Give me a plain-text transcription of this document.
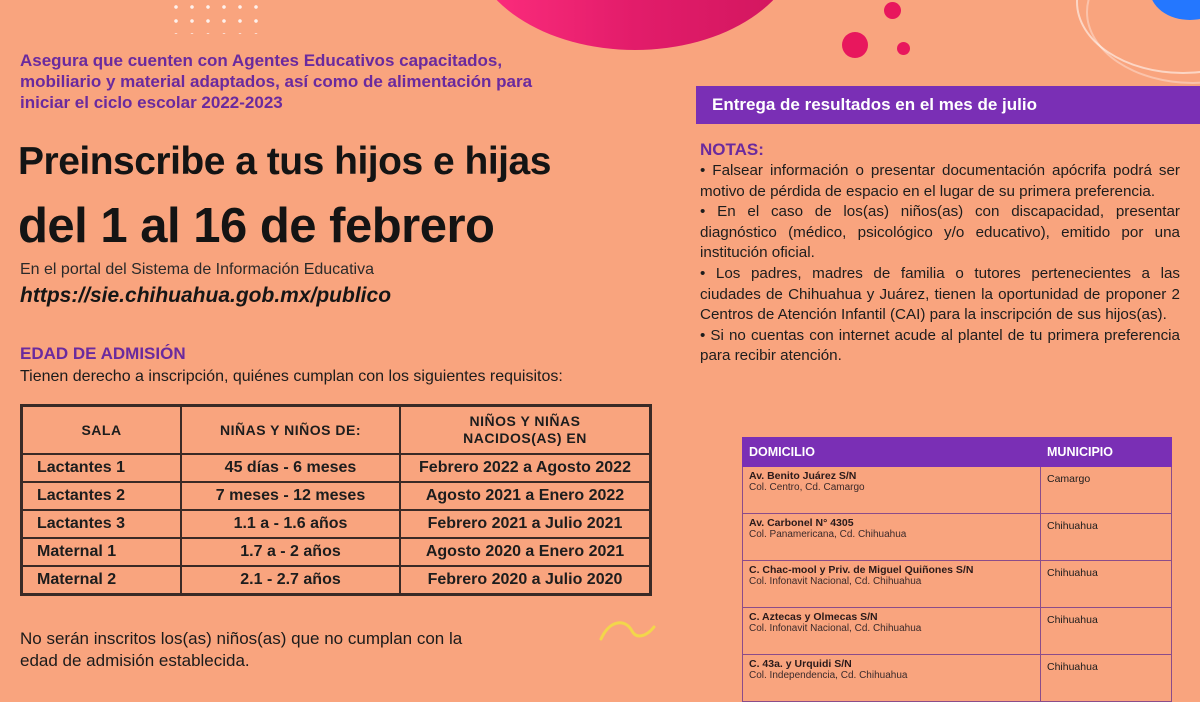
Asegura que cuenten con Agentes Educativos capacitados,
mobiliario y material adaptados, así como de alimentación para
iniciar el ciclo escolar 2022-2023
Preinscribe a tus hijos e hijas
del 1 al 16 de febrero
En el portal del Sistema de Información Educativa
https://sie.chihuahua.gob.mx/publico
EDAD DE ADMISIÓN
Tienen derecho a inscripción, quiénes cumplan con los siguientes requisitos:
SALA	NIÑAS Y NIÑOS DE:	NIÑOS Y NIÑAS NACIDOS(AS) EN

Lactantes 1	45 días - 6 meses	Febrero 2022 a Agosto 2022
Lactantes 2	7 meses - 12 meses	Agosto 2021 a Enero 2022
Lactantes 3	1.1 a - 1.6 años	Febrero 2021 a Julio 2021
Maternal 1	1.7 a - 2 años	Agosto 2020 a Enero 2021
Maternal 2	2.1 - 2.7 años	Febrero 2020 a Julio 2020
No serán inscritos los(as) niños(as) que no cumplan con la
edad de admisión establecida.
Entrega de resultados en el mes de julio
NOTAS:

• Falsear información o presentar documentación apócrifa podrá ser motivo de pérdida de espacio en el lugar de su primera preferencia.

• En el caso de los(as) niños(as) con discapacidad, presentar diagnóstico (médico, psicológico y/o educativo), emitido por una institución oficial.

• Los padres, madres de familia o tutores pertenecientes a las ciudades de Chihuahua y Juárez, tienen la oportunidad de proponer 2 Centros de Atención Infantil (CAI) para la inscripción de sus hijos(as).

• Si no cuentas con internet acude al plantel de tu primera preferencia para recibir atención.

DOMICILIO	MUNICIPIO

Av. Benito Juárez S/N
Col. Centro, Cd. Camargo	Camargo

Av. Carbonel N° 4305
Col. Panamericana, Cd. Chihuahua	Chihuahua

C. Chac-mool y Priv. de Miguel Quiñones S/N
Col. Infonavit Nacional, Cd. Chihuahua	Chihuahua

C. Aztecas y Olmecas S/N
Col. Infonavit Nacional, Cd. Chihuahua	Chihuahua

C. 43a. y Urquidi S/N
Col. Independencia, Cd. Chihuahua	Chihuahua
